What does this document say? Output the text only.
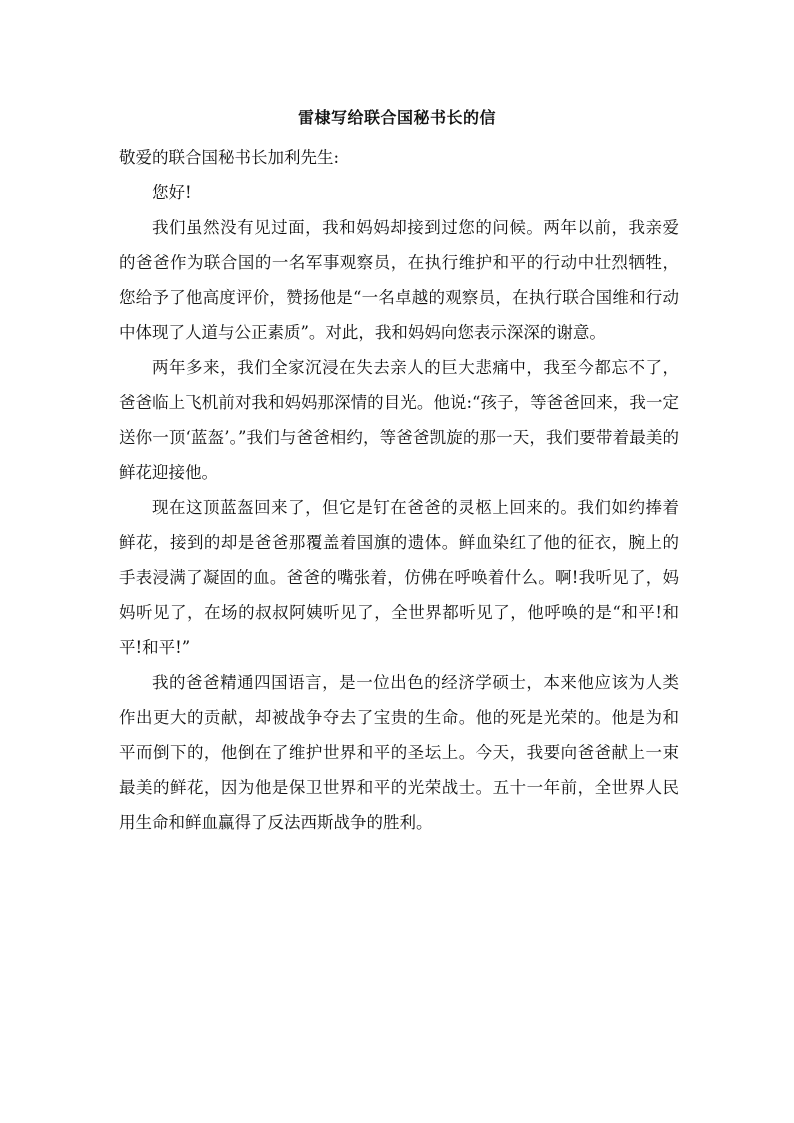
雷棣写给联合国秘书长的信

敬爱的联合国秘书长加利先生:

您好!

我们虽然没有见过面，我和妈妈却接到过您的问候。两年以前，我亲爱的爸爸作为联合国的一名军事观察员，在执行维护和平的行动中壮烈牺牲，您给予了他高度评价，赞扬他是“一名卓越的观察员，在执行联合国维和行动中体现了人道与公正素质”。对此，我和妈妈向您表示深深的谢意。

两年多来，我们全家沉浸在失去亲人的巨大悲痛中，我至今都忘不了，爸爸临上飞机前对我和妈妈那深情的目光。他说:“孩子，等爸爸回来，我一定送你一顶‘蓝盔’。”我们与爸爸相约，等爸爸凯旋的那一天，我们要带着最美的鲜花迎接他。

现在这顶蓝盔回来了，但它是钉在爸爸的灵柩上回来的。我们如约捧着鲜花，接到的却是爸爸那覆盖着国旗的遗体。鲜血染红了他的征衣，腕上的手表浸满了凝固的血。爸爸的嘴张着，仿佛在呼唤着什么。啊!我听见了，妈妈听见了，在场的叔叔阿姨听见了，全世界都听见了，他呼唤的是“和平!和平!和平!”

我的爸爸精通四国语言，是一位出色的经济学硕士，本来他应该为人类作出更大的贡献，却被战争夺去了宝贵的生命。他的死是光荣的。他是为和平而倒下的，他倒在了维护世界和平的圣坛上。今天，我要向爸爸献上一束最美的鲜花，因为他是保卫世界和平的光荣战士。五十一年前，全世界人民用生命和鲜血赢得了反法西斯战争的胜利。
